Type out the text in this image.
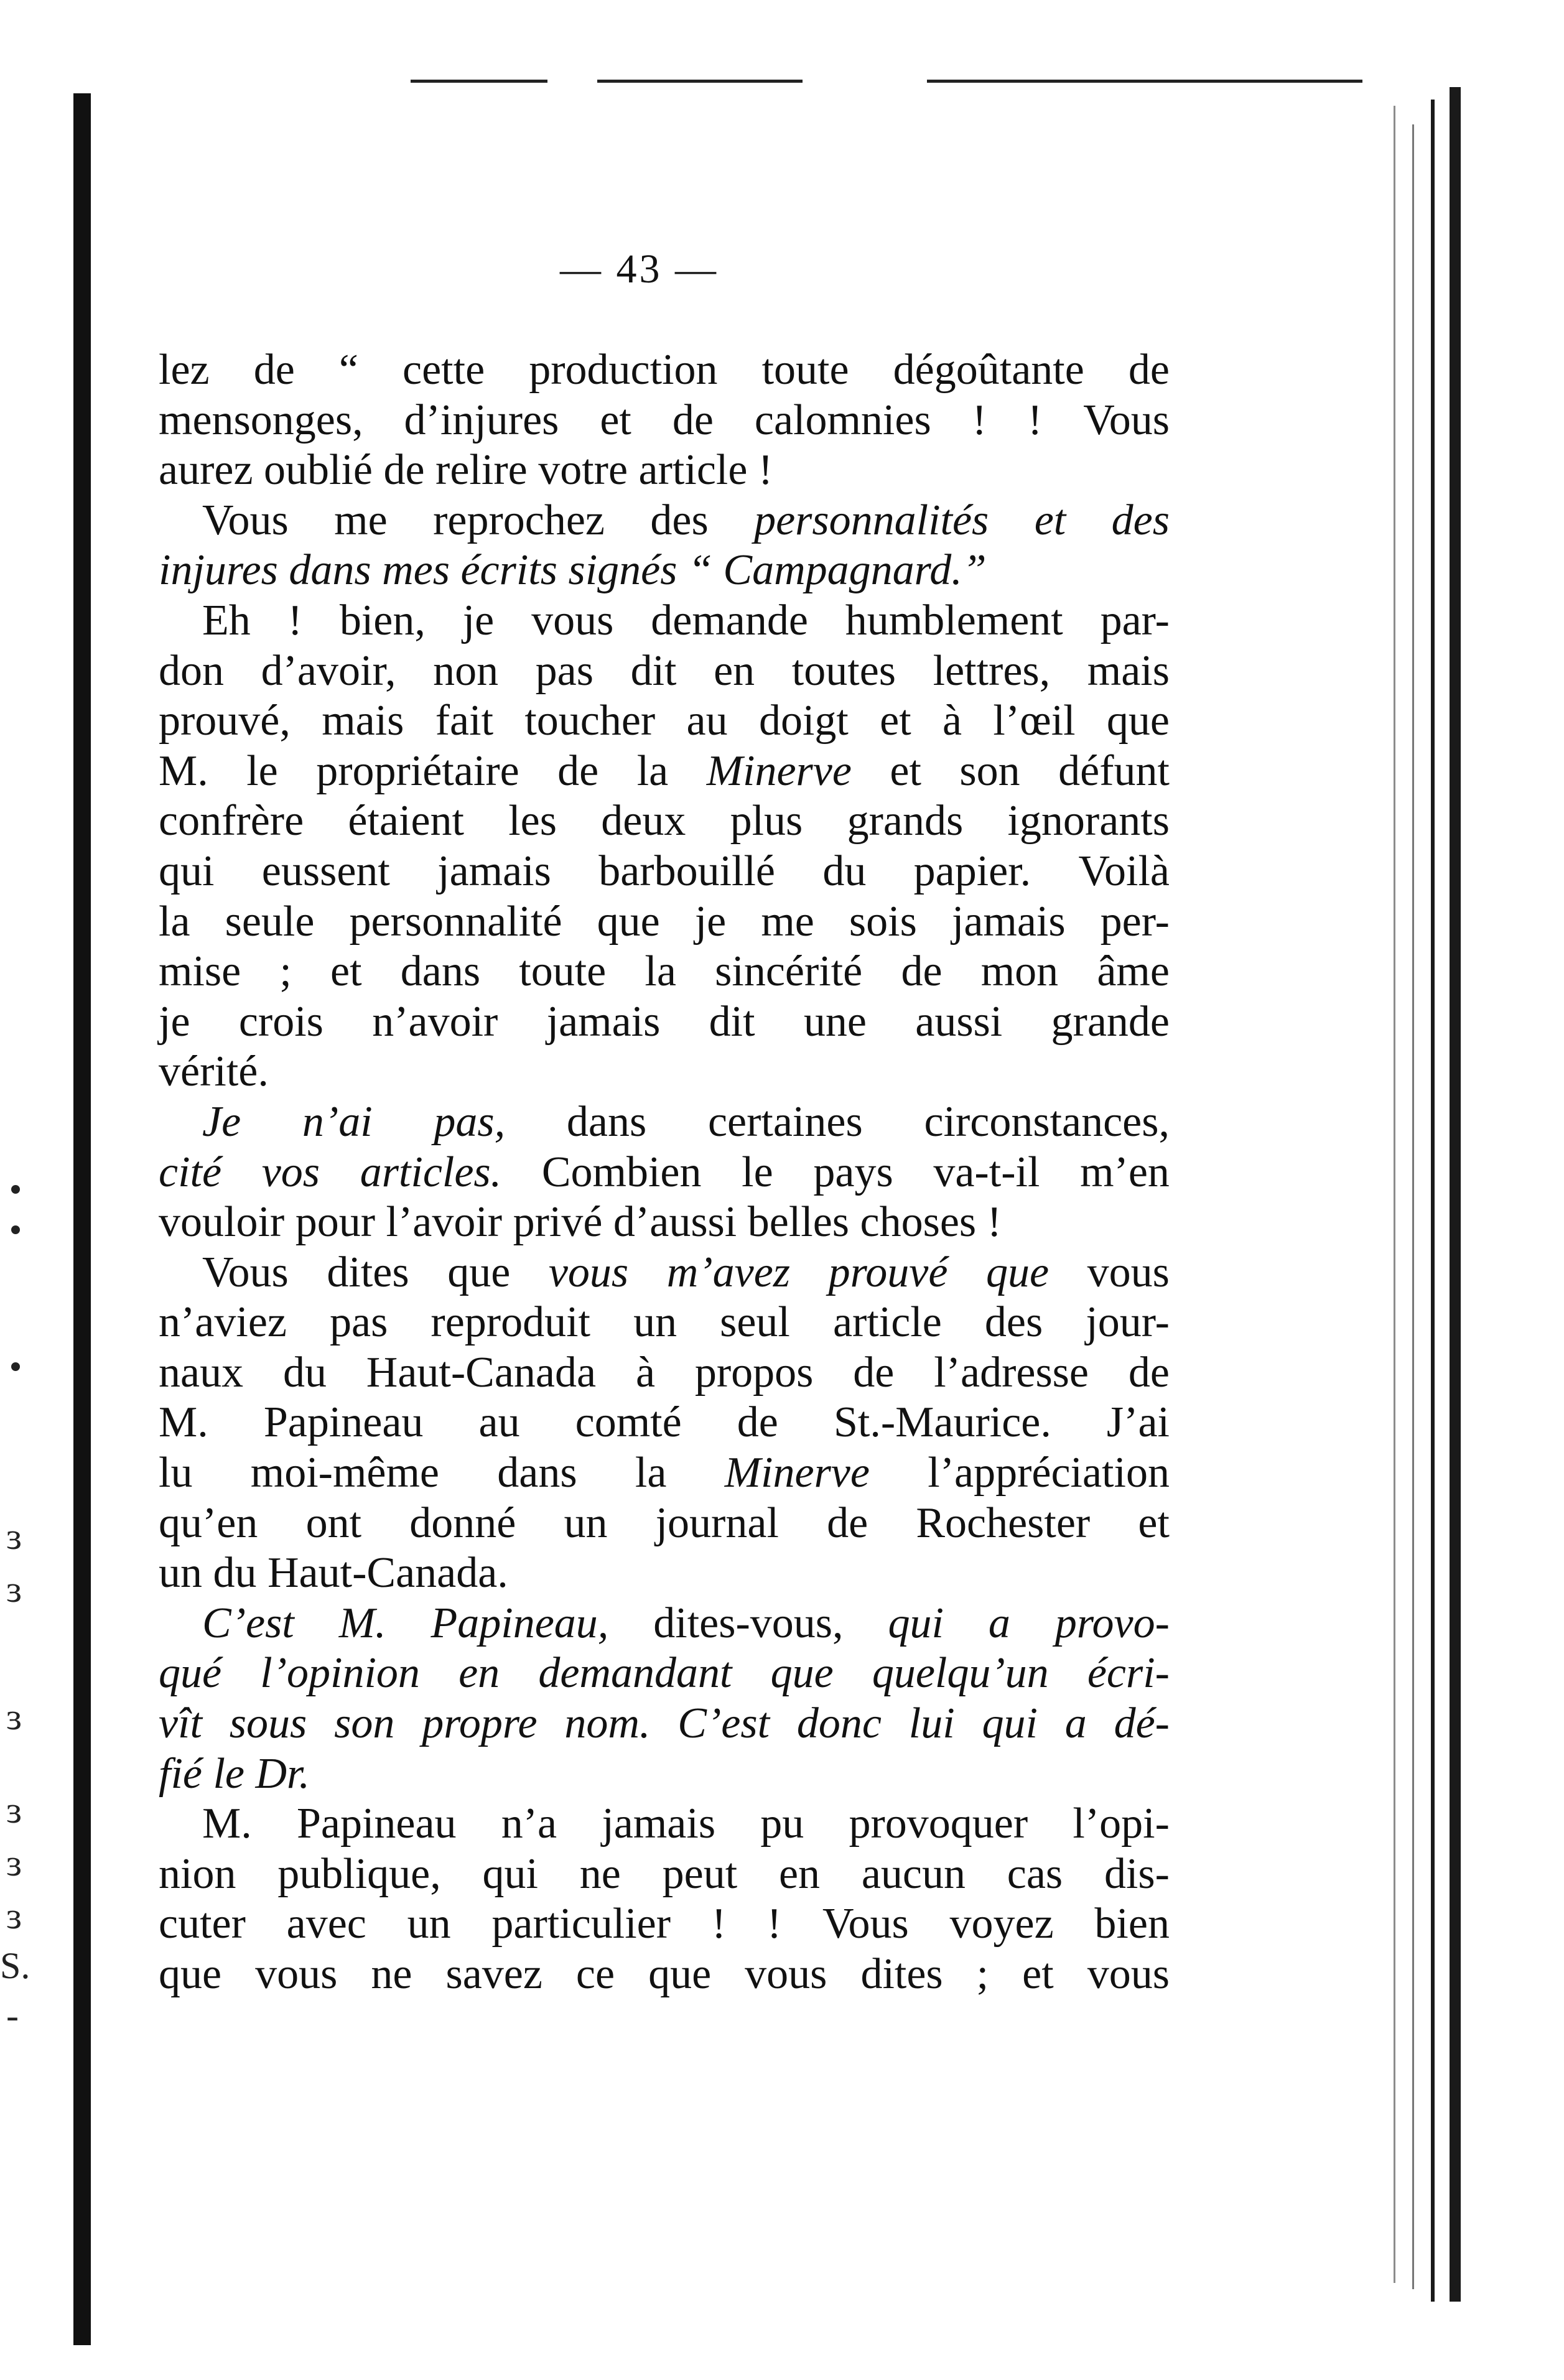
— 43 —
lez de “ cette production toute dégoûtante de
mensonges, d’injures et de calomnies ! ! Vous
aurez oublié de relire votre article !
Vous me reprochez des personnalités et des
injures dans mes écrits signés “ Campagnard.”
Eh ! bien, je vous demande humblement par-
don d’avoir, non pas dit en toutes lettres, mais
prouvé, mais fait toucher au doigt et à l’œil que
M. le propriétaire de la Minerve et son défunt
confrère étaient les deux plus grands ignorants
qui eussent jamais barbouillé du papier. Voilà
la seule personnalité que je me sois jamais per-
mise ; et dans toute la sincérité de mon âme
je crois n’avoir jamais dit une aussi grande
vérité.
Je n’ai pas, dans certaines circonstances,
cité vos articles. Combien le pays va-t-il m’en
vouloir pour l’avoir privé d’aussi belles choses !
Vous dites que vous m’avez prouvé que vous
n’aviez pas reproduit un seul article des jour-
naux du Haut-Canada à propos de l’adresse de
M. Papineau au comté de St.-Maurice. J’ai
lu moi-même dans la Minerve l’appréciation
qu’en ont donné un journal de Rochester et
un du Haut-Canada.
C’est M. Papineau, dites-vous, qui a provo-
qué l’opinion en demandant que quelqu’un écri-
vît sous son propre nom. C’est donc lui qui a dé-
fié le Dr.
M. Papineau n’a jamais pu provoquer l’opi-
nion publique, qui ne peut en aucun cas dis-
cuter avec un particulier ! ! Vous voyez bien
que vous ne savez ce que vous dites ; et vous
ɜ
ɜ
ɜ
ɜ
ɜ
ɜ
S.
-
